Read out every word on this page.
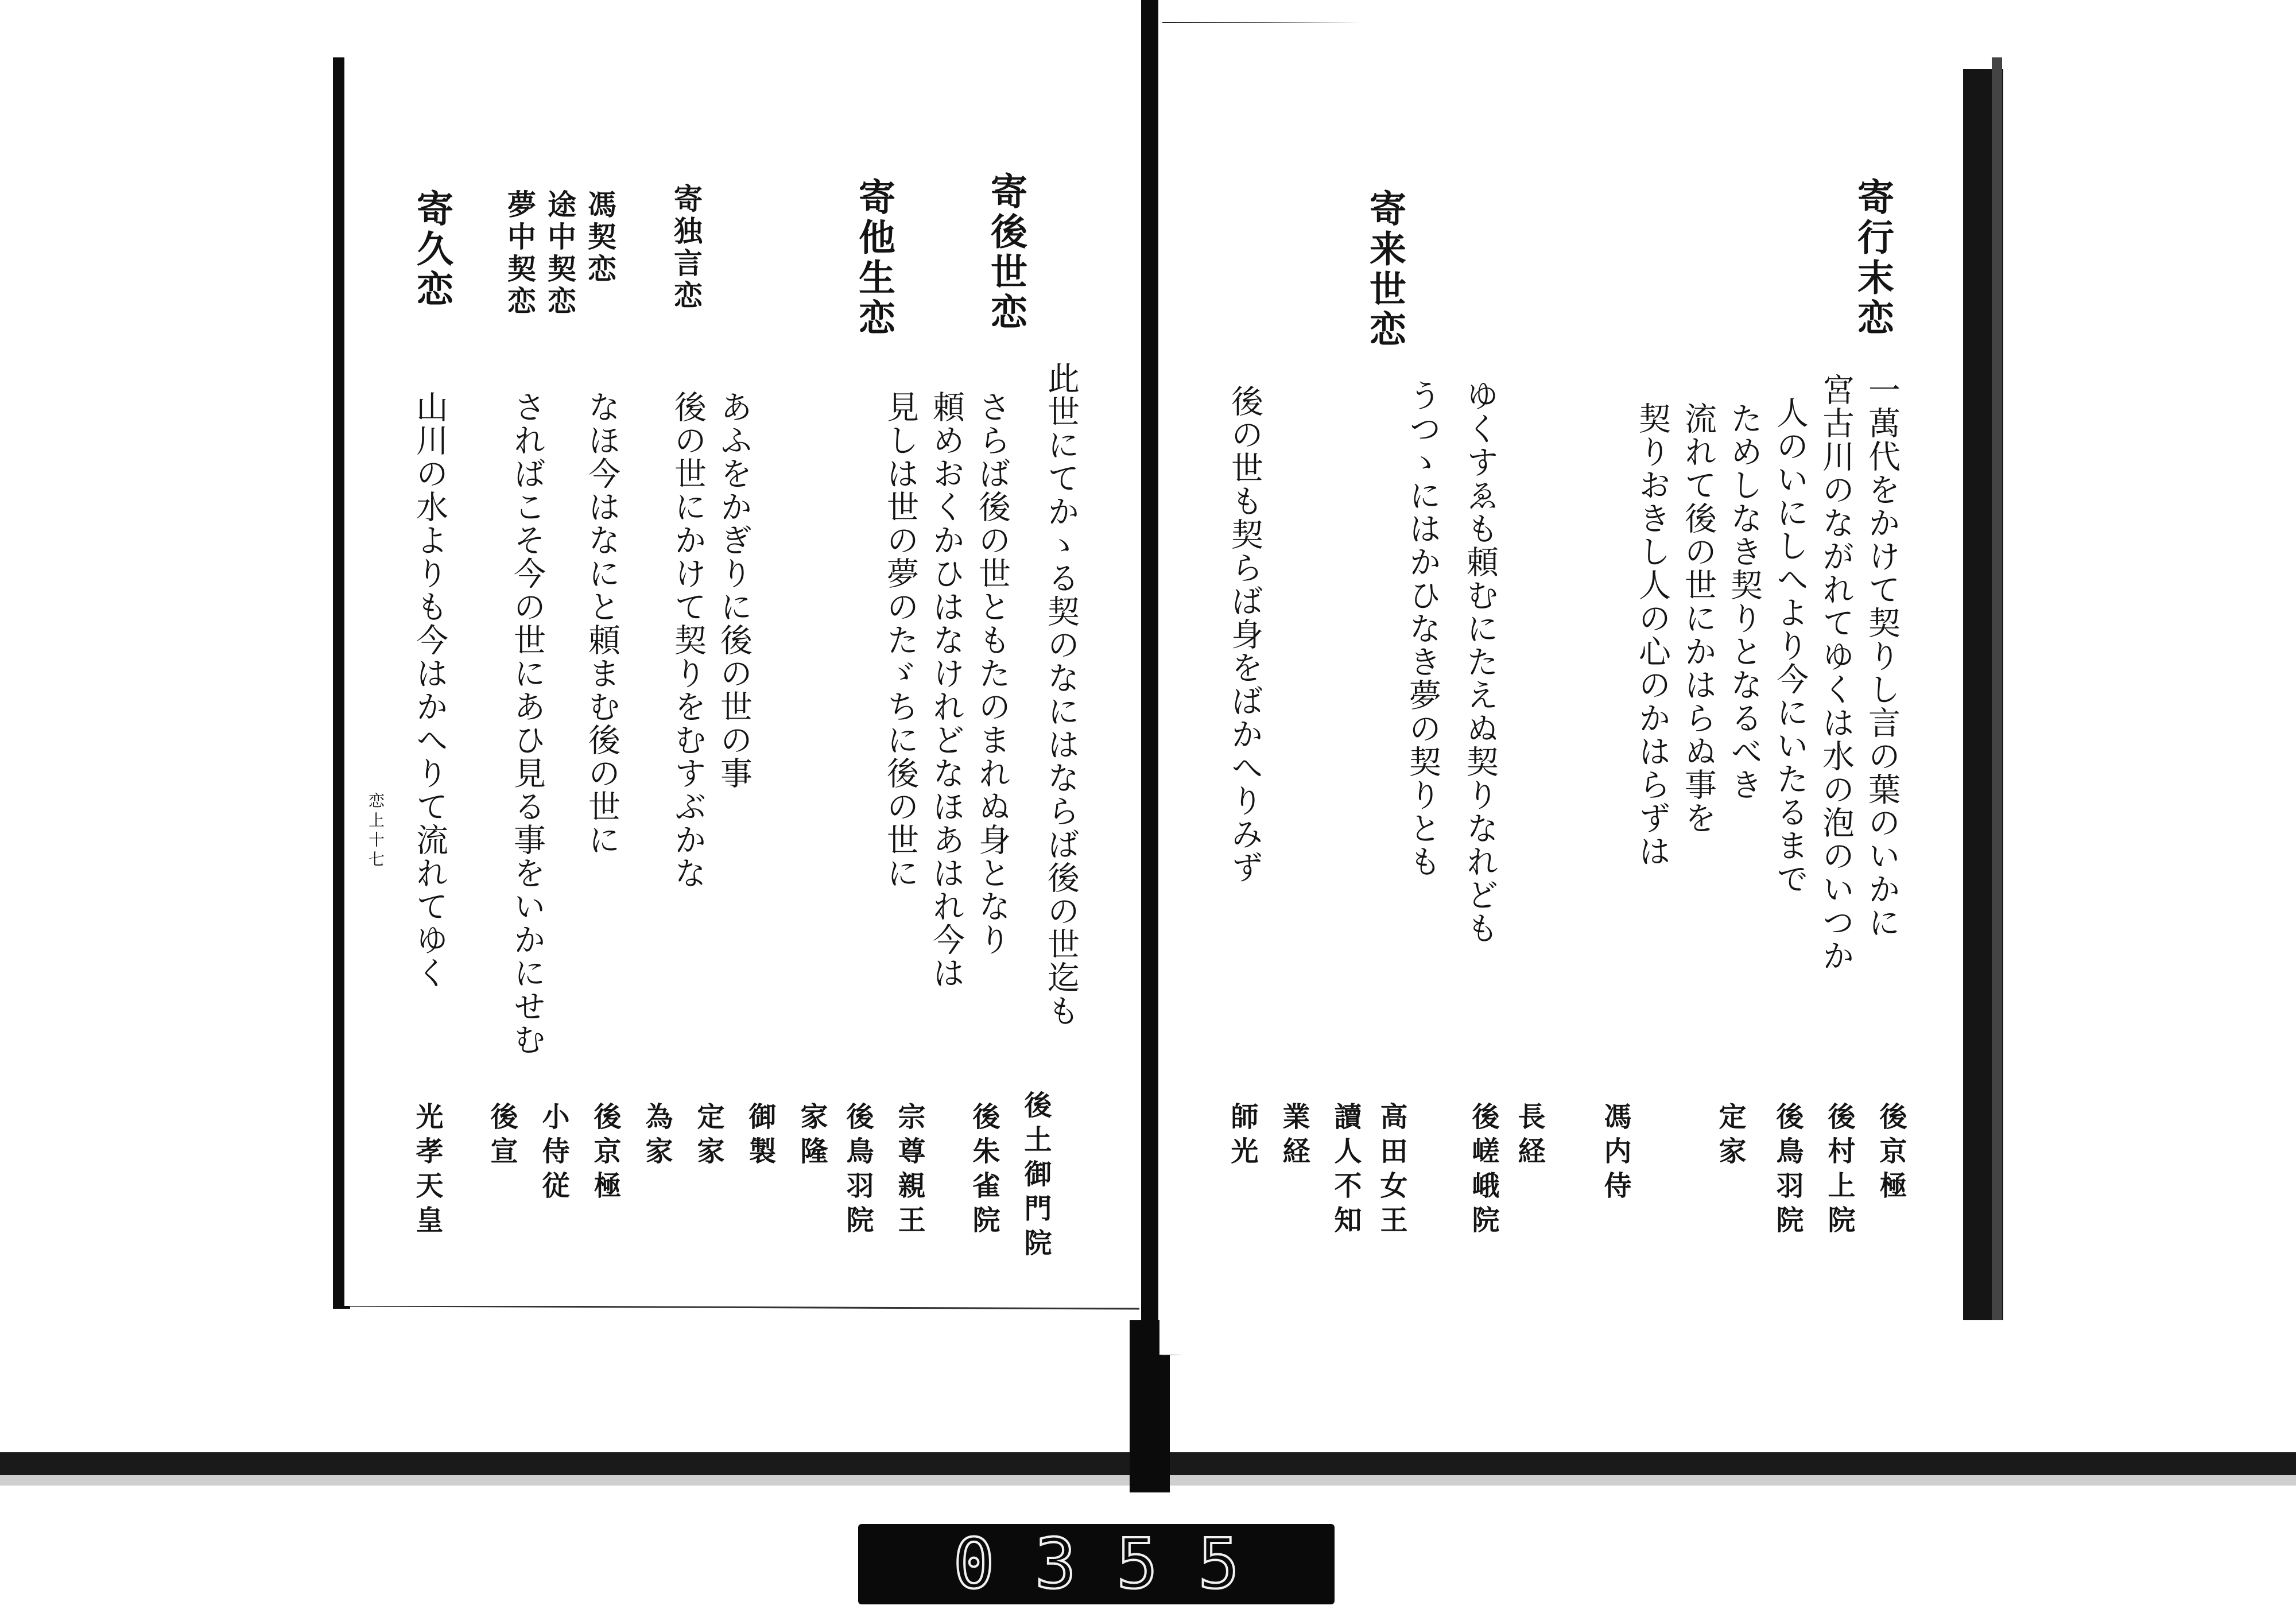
寄行末恋
寄来世恋
一萬代をかけて契りし言の葉のいかに
宮古川のながれてゆくは水の泡のいつか
人のいにしへより今にいたるまで
ためしなき契りとなるべき
流れて後の世にかはらぬ事を
契りおきし人の心のかはらずは
ゆくすゑも頼むにたえぬ契りなれども
うつゝにはかひなき夢の契りとも
後の世も契らば身をばかへりみず
後京極
後村上院
後鳥羽院
定家
馮内侍
長経
後嵯峨院
高田女王
讀人不知
業経
師光
寄後世恋
寄他生恋
寄独言恋
馮契恋
途中契恋
夢中契恋
寄久恋
此世にてかゝる契のなにはならば後の世迄も
さらば後の世ともたのまれぬ身となり
頼めおくかひはなけれどなほあはれ今は
見しは世の夢のたゞちに後の世に
あふをかぎりに後の世の事
後の世にかけて契りをむすぶかな
なほ今はなにと頼まむ後の世に
さればこそ今の世にあひ見る事をいかにせむ
山川の水よりも今はかへりて流れてゆく
後土御門院
後朱雀院
宗尊親王
後鳥羽院
家隆
御製
定家
為家
後京極
小侍従
後宣
光孝天皇
恋上十七
0355
